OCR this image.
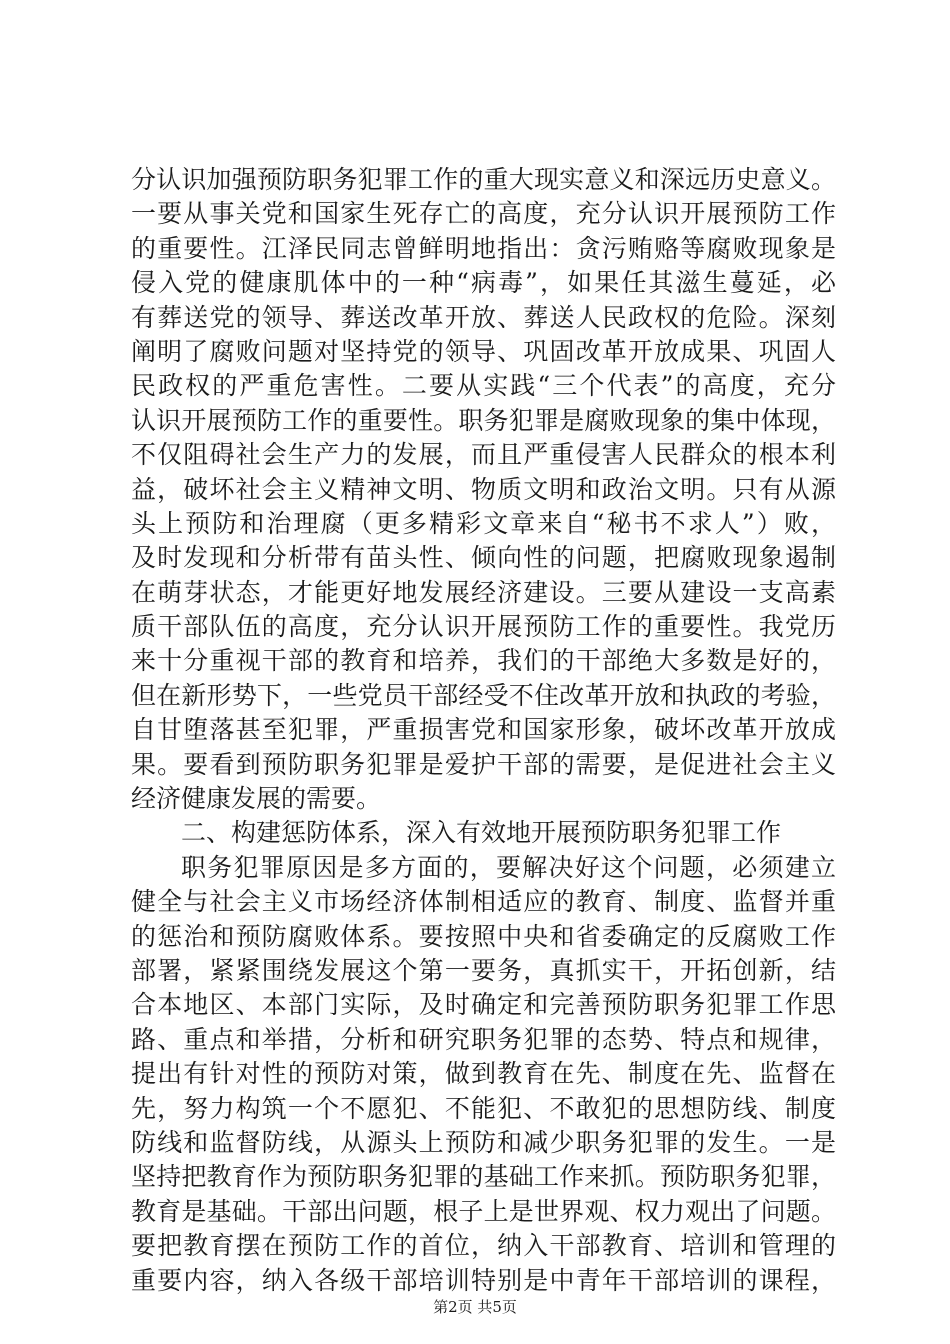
分认识加强预防职务犯罪工作的重大现实意义和深远历史意义。
一要从事关党和国家生死存亡的高度，充分认识开展预防工作
的重要性。江泽民同志曾鲜明地指出：贪污贿赂等腐败现象是
侵入党的健康肌体中的一种“病毒”，如果任其滋生蔓延，必
有葬送党的领导、葬送改革开放、葬送人民政权的危险。深刻
阐明了腐败问题对坚持党的领导、巩固改革开放成果、巩固人
民政权的严重危害性。二要从实践“三个代表”的高度，充分
认识开展预防工作的重要性。职务犯罪是腐败现象的集中体现，
不仅阻碍社会生产力的发展，而且严重侵害人民群众的根本利
益，破坏社会主义精神文明、物质文明和政治文明。只有从源
头上预防和治理腐（更多精彩文章来自“秘书不求人”）败，
及时发现和分析带有苗头性、倾向性的问题，把腐败现象遏制
在萌芽状态，才能更好地发展经济建设。三要从建设一支高素
质干部队伍的高度，充分认识开展预防工作的重要性。我党历
来十分重视干部的教育和培养，我们的干部绝大多数是好的，
但在新形势下，一些党员干部经受不住改革开放和执政的考验，
自甘堕落甚至犯罪，严重损害党和国家形象，破坏改革开放成
果。要看到预防职务犯罪是爱护干部的需要，是促进社会主义
经济健康发展的需要。
二、构建惩防体系，深入有效地开展预防职务犯罪工作
职务犯罪原因是多方面的，要解决好这个问题，必须建立
健全与社会主义市场经济体制相适应的教育、制度、监督并重
的惩治和预防腐败体系。要按照中央和省委确定的反腐败工作
部署，紧紧围绕发展这个第一要务，真抓实干，开拓创新，结
合本地区、本部门实际，及时确定和完善预防职务犯罪工作思
路、重点和举措，分析和研究职务犯罪的态势、特点和规律，
提出有针对性的预防对策，做到教育在先、制度在先、监督在
先，努力构筑一个不愿犯、不能犯、不敢犯的思想防线、制度
防线和监督防线，从源头上预防和减少职务犯罪的发生。一是
坚持把教育作为预防职务犯罪的基础工作来抓。预防职务犯罪，
教育是基础。干部出问题，根子上是世界观、权力观出了问题。
要把教育摆在预防工作的首位，纳入干部教育、培训和管理的
重要内容，纳入各级干部培训特别是中青年干部培训的课程，
第2页 共5页
